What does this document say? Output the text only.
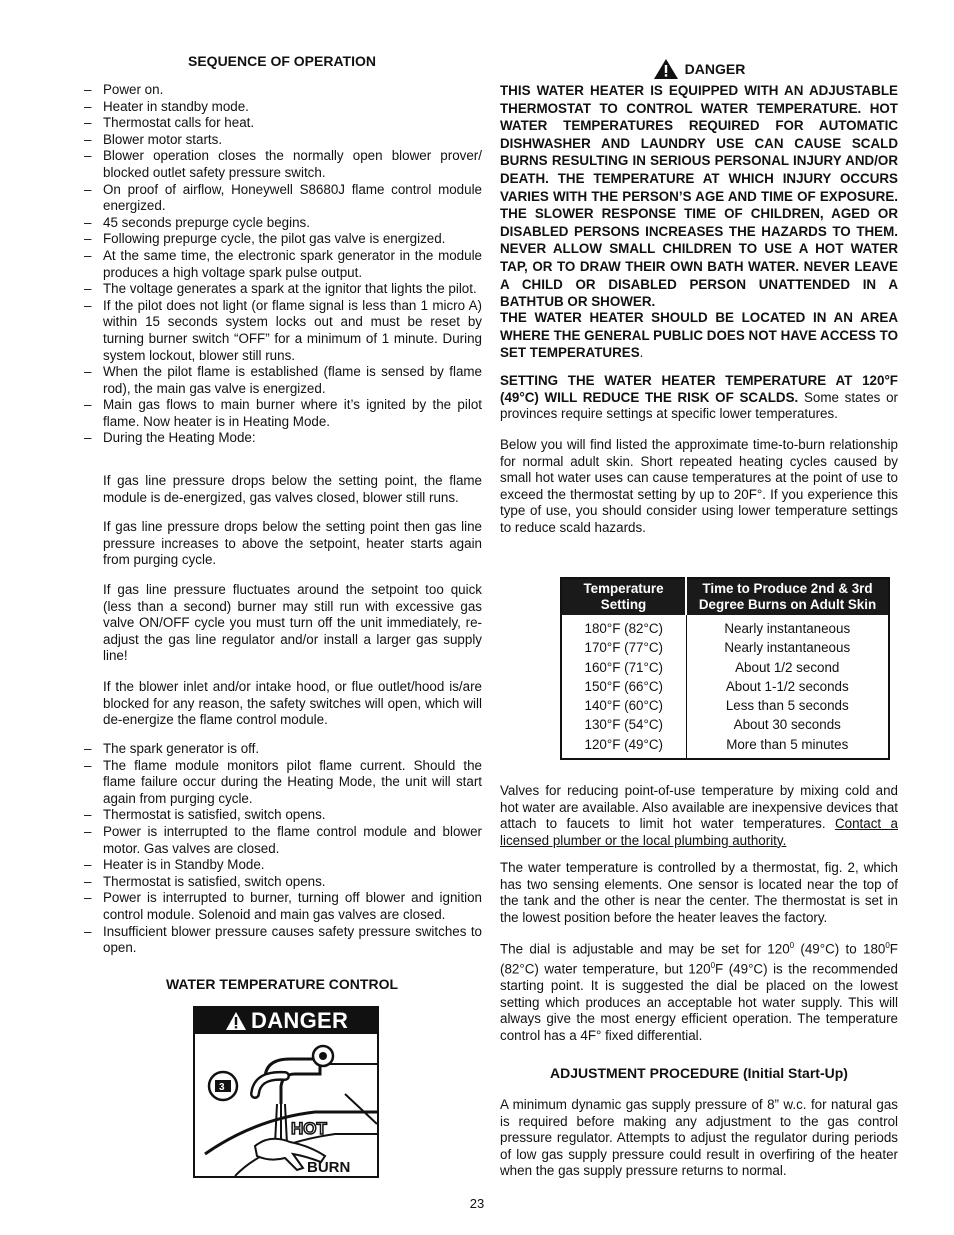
SEQUENCE OF OPERATION
– Power on.
– Heater in standby mode.
– Thermostat calls for heat.
– Blower motor starts.
– Blower operation closes the normally open blower prover/ blocked outlet safety pressure switch.
– On proof of airflow, Honeywell S8680J flame control module energized.
– 45 seconds prepurge cycle begins.
– Following prepurge cycle, the pilot gas valve is energized.
– At the same time, the electronic spark generator in the module produces a high voltage spark pulse output.
– The voltage generates a spark at the ignitor that lights the pilot.
– If the pilot does not light (or flame signal is less than 1 micro A) within 15 seconds system locks out and must be reset by turning burner switch “OFF” for a minimum of 1 minute. During system lockout, blower still runs.
– When the pilot flame is established (flame is sensed by flame rod), the main gas valve is energized.
– Main gas flows to main burner where it’s ignited by the pilot flame. Now heater is in Heating Mode.
– During the Heating Mode:

If gas line pressure drops below the setting point, the flame module is de-energized, gas valves closed, blower still runs.

If gas line pressure drops below the setting point then gas line pressure increases to above the setpoint, heater starts again from purging cycle.

If gas line pressure fluctuates around the setpoint too quick (less than a second) burner may still run with excessive gas valve ON/OFF cycle you must turn off the unit immediately, re-adjust the gas line regulator and/or install a larger gas supply line!

If the blower inlet and/or intake hood, or flue outlet/hood is/are blocked for any reason, the safety switches will open, which will de-energize the flame control module.

– The spark generator is off.
– The flame module monitors pilot flame current. Should the flame failure occur during the Heating Mode, the unit will start again from purging cycle.
– Thermostat is satisfied, switch opens.
– Power is interrupted to the flame control module and blower motor. Gas valves are closed.
– Heater is in Standby Mode.
– Thermostat is satisfied, switch opens.
– Power is interrupted to burner, turning off blower and ignition control module. Solenoid and main gas valves are closed.
– Insufficient blower pressure causes safety pressure switches to open.
WATER TEMPERATURE CONTROL
DANGER
3
HOT
BURN
DANGER

THIS WATER HEATER IS EQUIPPED WITH AN ADJUSTABLE THERMOSTAT TO CONTROL WATER TEMPERATURE. HOT WATER TEMPERATURES REQUIRED FOR AUTOMATIC DISHWASHER AND LAUNDRY USE CAN CAUSE SCALD BURNS RESULTING IN SERIOUS PERSONAL INJURY AND/OR DEATH. THE TEMPERATURE AT WHICH INJURY OCCURS VARIES WITH THE PERSON’S AGE AND TIME OF EXPOSURE. THE SLOWER RESPONSE TIME OF CHILDREN, AGED OR DISABLED PERSONS INCREASES THE HAZARDS TO THEM. NEVER ALLOW SMALL CHILDREN TO USE A HOT WATER TAP, OR TO DRAW THEIR OWN BATH WATER. NEVER LEAVE A CHILD OR DISABLED PERSON UNATTENDED IN A BATHTUB OR SHOWER.

THE WATER HEATER SHOULD BE LOCATED IN AN AREA WHERE THE GENERAL PUBLIC DOES NOT HAVE ACCESS TO SET TEMPERATURES.

SETTING THE WATER HEATER TEMPERATURE AT 120°F (49°C) WILL REDUCE THE RISK OF SCALDS. Some states or provinces require settings at specific lower temperatures.

Below you will find listed the approximate time-to-burn relationship for normal adult skin. Short repeated heating cycles caused by small hot water uses can cause temperatures at the point of use to exceed the thermostat setting by up to 20F°. If you experience this type of use, you should consider using lower temperature settings to reduce scald hazards.

Temperature Setting	Time to Produce 2nd & 3rd Degree Burns on Adult Skin
180°F (82°C)	Nearly instantaneous
170°F (77°C)	Nearly instantaneous
160°F (71°C)	About 1/2 second
150°F (66°C)	About 1-1/2 seconds
140°F (60°C)	Less than 5 seconds
130°F (54°C)	About 30 seconds
120°F (49°C)	More than 5 minutes

Valves for reducing point-of-use temperature by mixing cold and hot water are available. Also available are inexpensive devices that attach to faucets to limit hot water temperatures. Contact a licensed plumber or the local plumbing authority.

The water temperature is controlled by a thermostat, fig. 2, which has two sensing elements. One sensor is located near the top of the tank and the other is near the center. The thermostat is set in the lowest position before the heater leaves the factory.

The dial is adjustable and may be set for $120^0$ (49°C) to $180^0F$ (82°C) water temperature, but $120^0F$ (49°C) is the recommended starting point. It is suggested the dial be placed on the lowest setting which produces an acceptable hot water supply. This will always give the most energy efficient operation. The temperature control has a 4F° fixed differential.

ADJUSTMENT PROCEDURE (Initial Start-Up)

A minimum dynamic gas supply pressure of 8” w.c. for natural gas is required before making any adjustment to the gas control pressure regulator. Attempts to adjust the regulator during periods of low gas supply pressure could result in overfiring of the heater when the gas supply pressure returns to normal.

23
